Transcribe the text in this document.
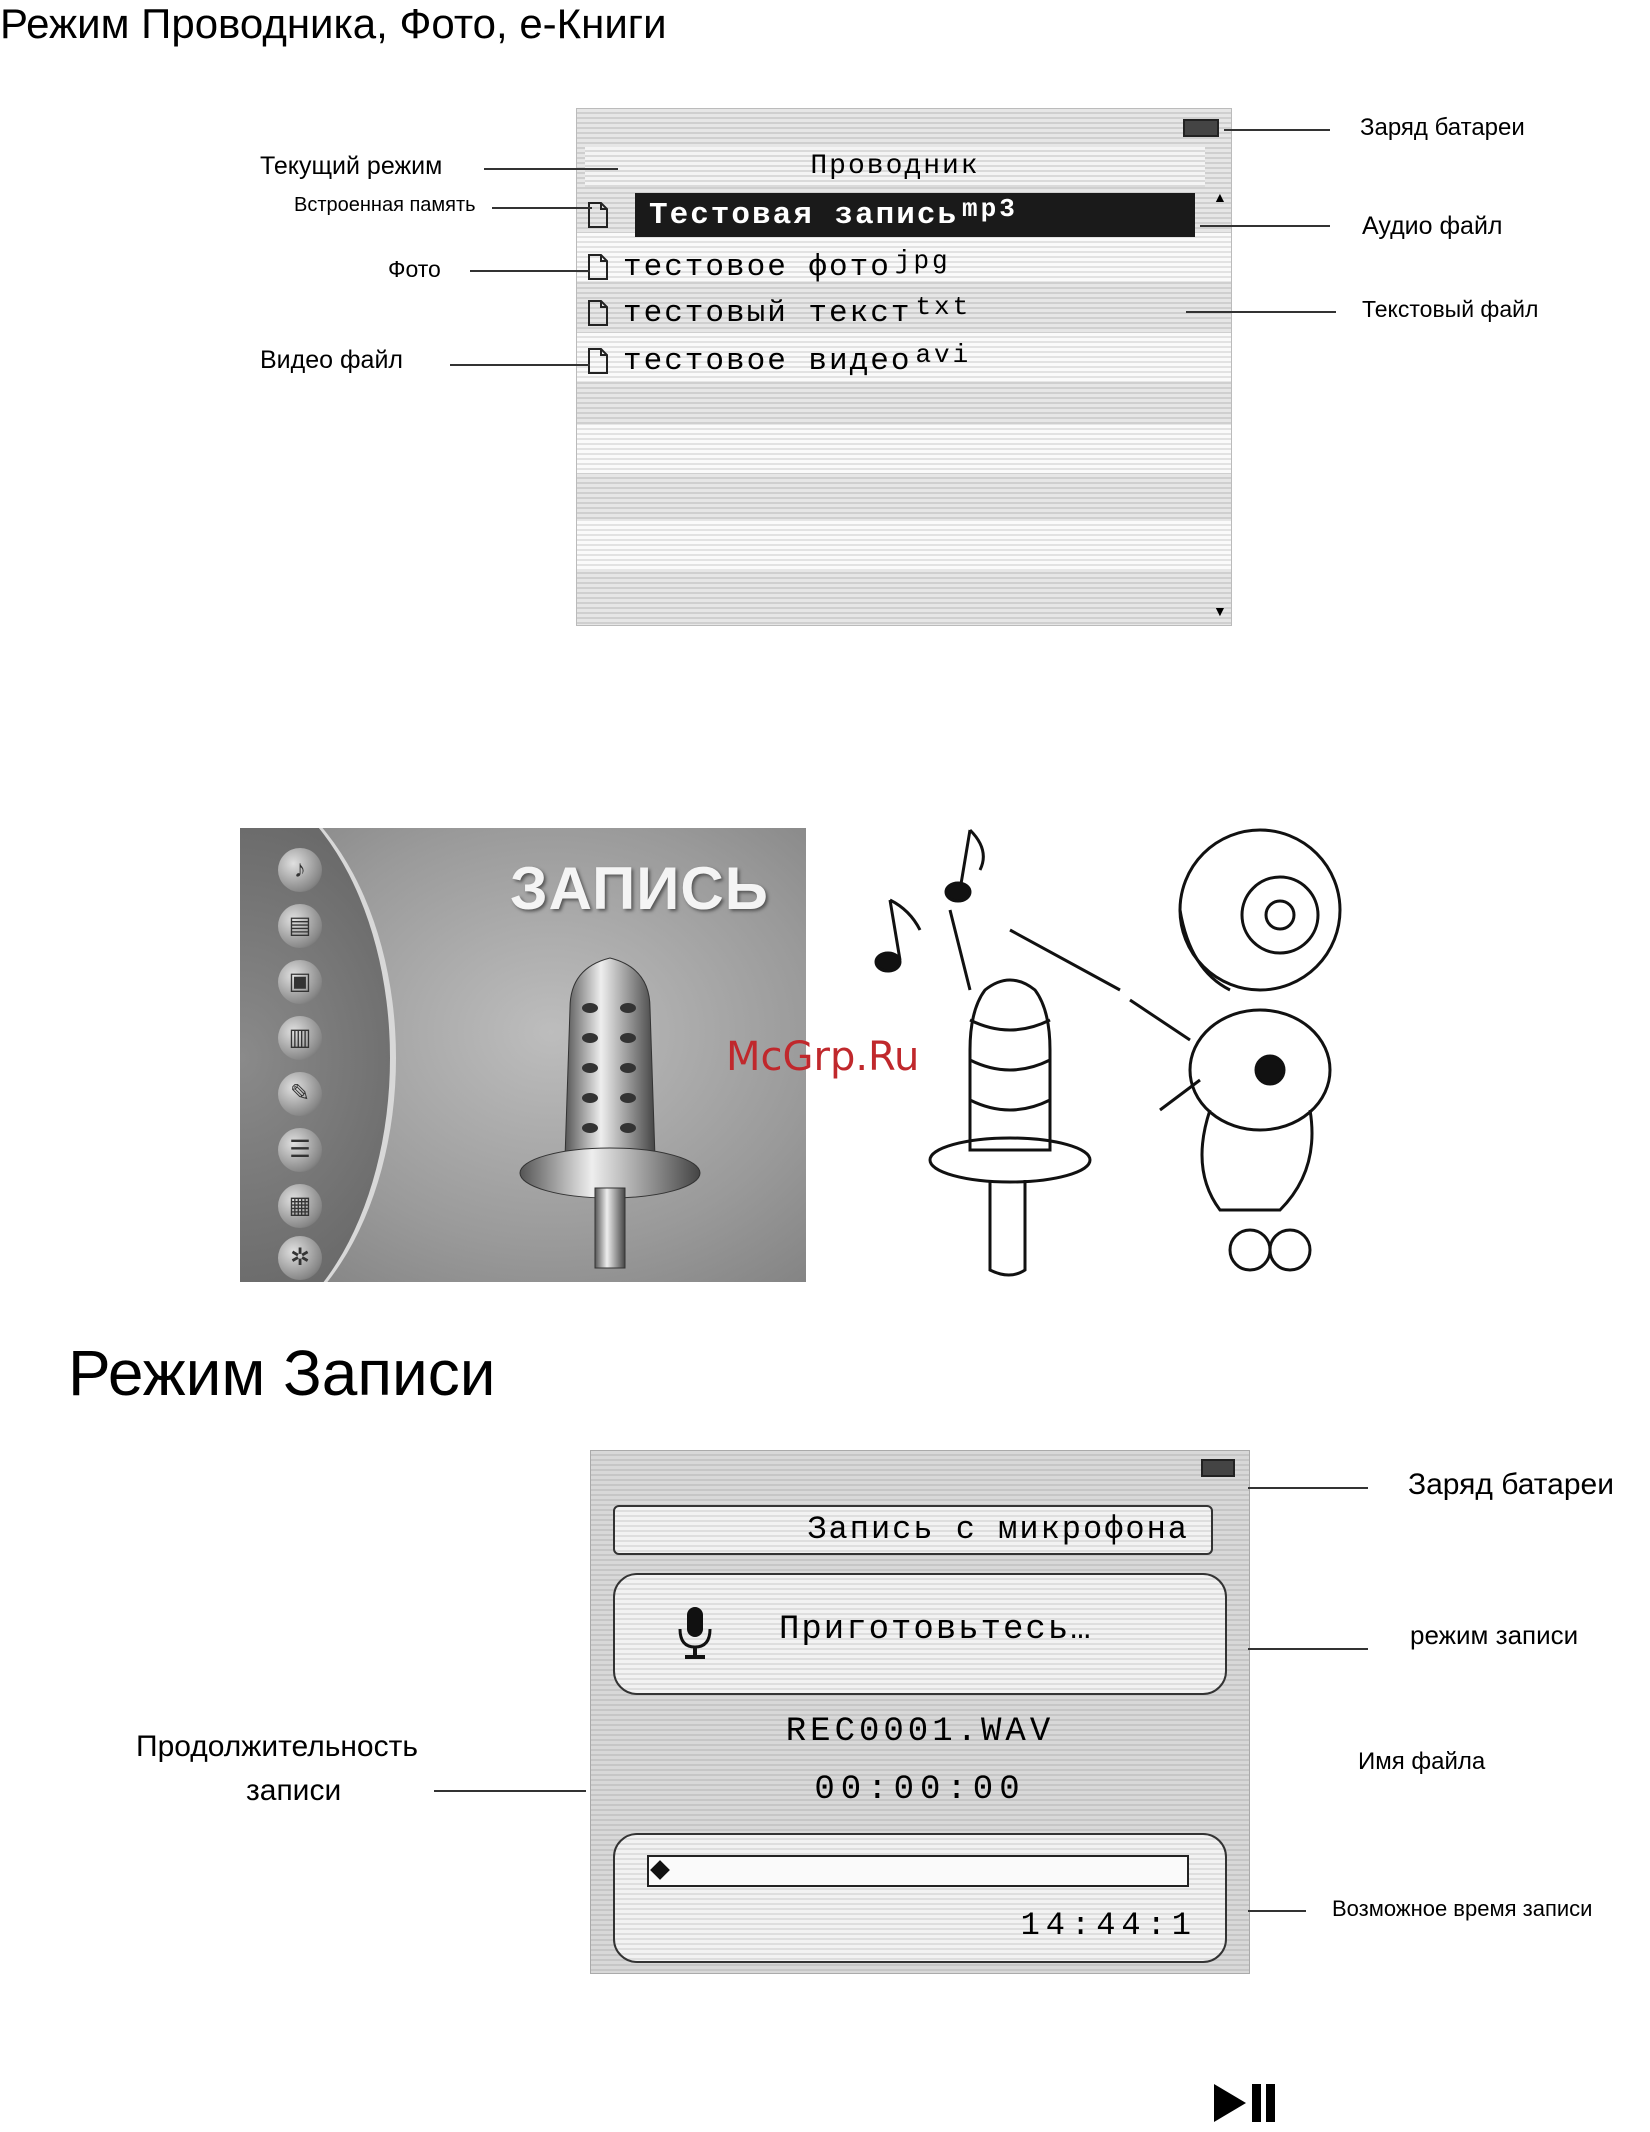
Режим Проводника, Фото, е-Книги
Проводник
Тестовая запись mp3
тестовое фото jpg
тестовый текст txt
тестовое видео avi
▲
▼
Заряд батареи
Текущий режим
Встроенная память
Аудио файл
Фото
Текстовый файл
Видео файл
♪
▤
▣
▥
✎
☰
▦
✲
ЗАПИСЬ
McGrp.Ru
Режим Записи
Запись с микрофона
Приготовьтесь…
REC0001.WAV
00:00:00
14:44:1
Заряд батареи
режим записи
Продолжительность
записи
Имя файла
Возможное время записи
